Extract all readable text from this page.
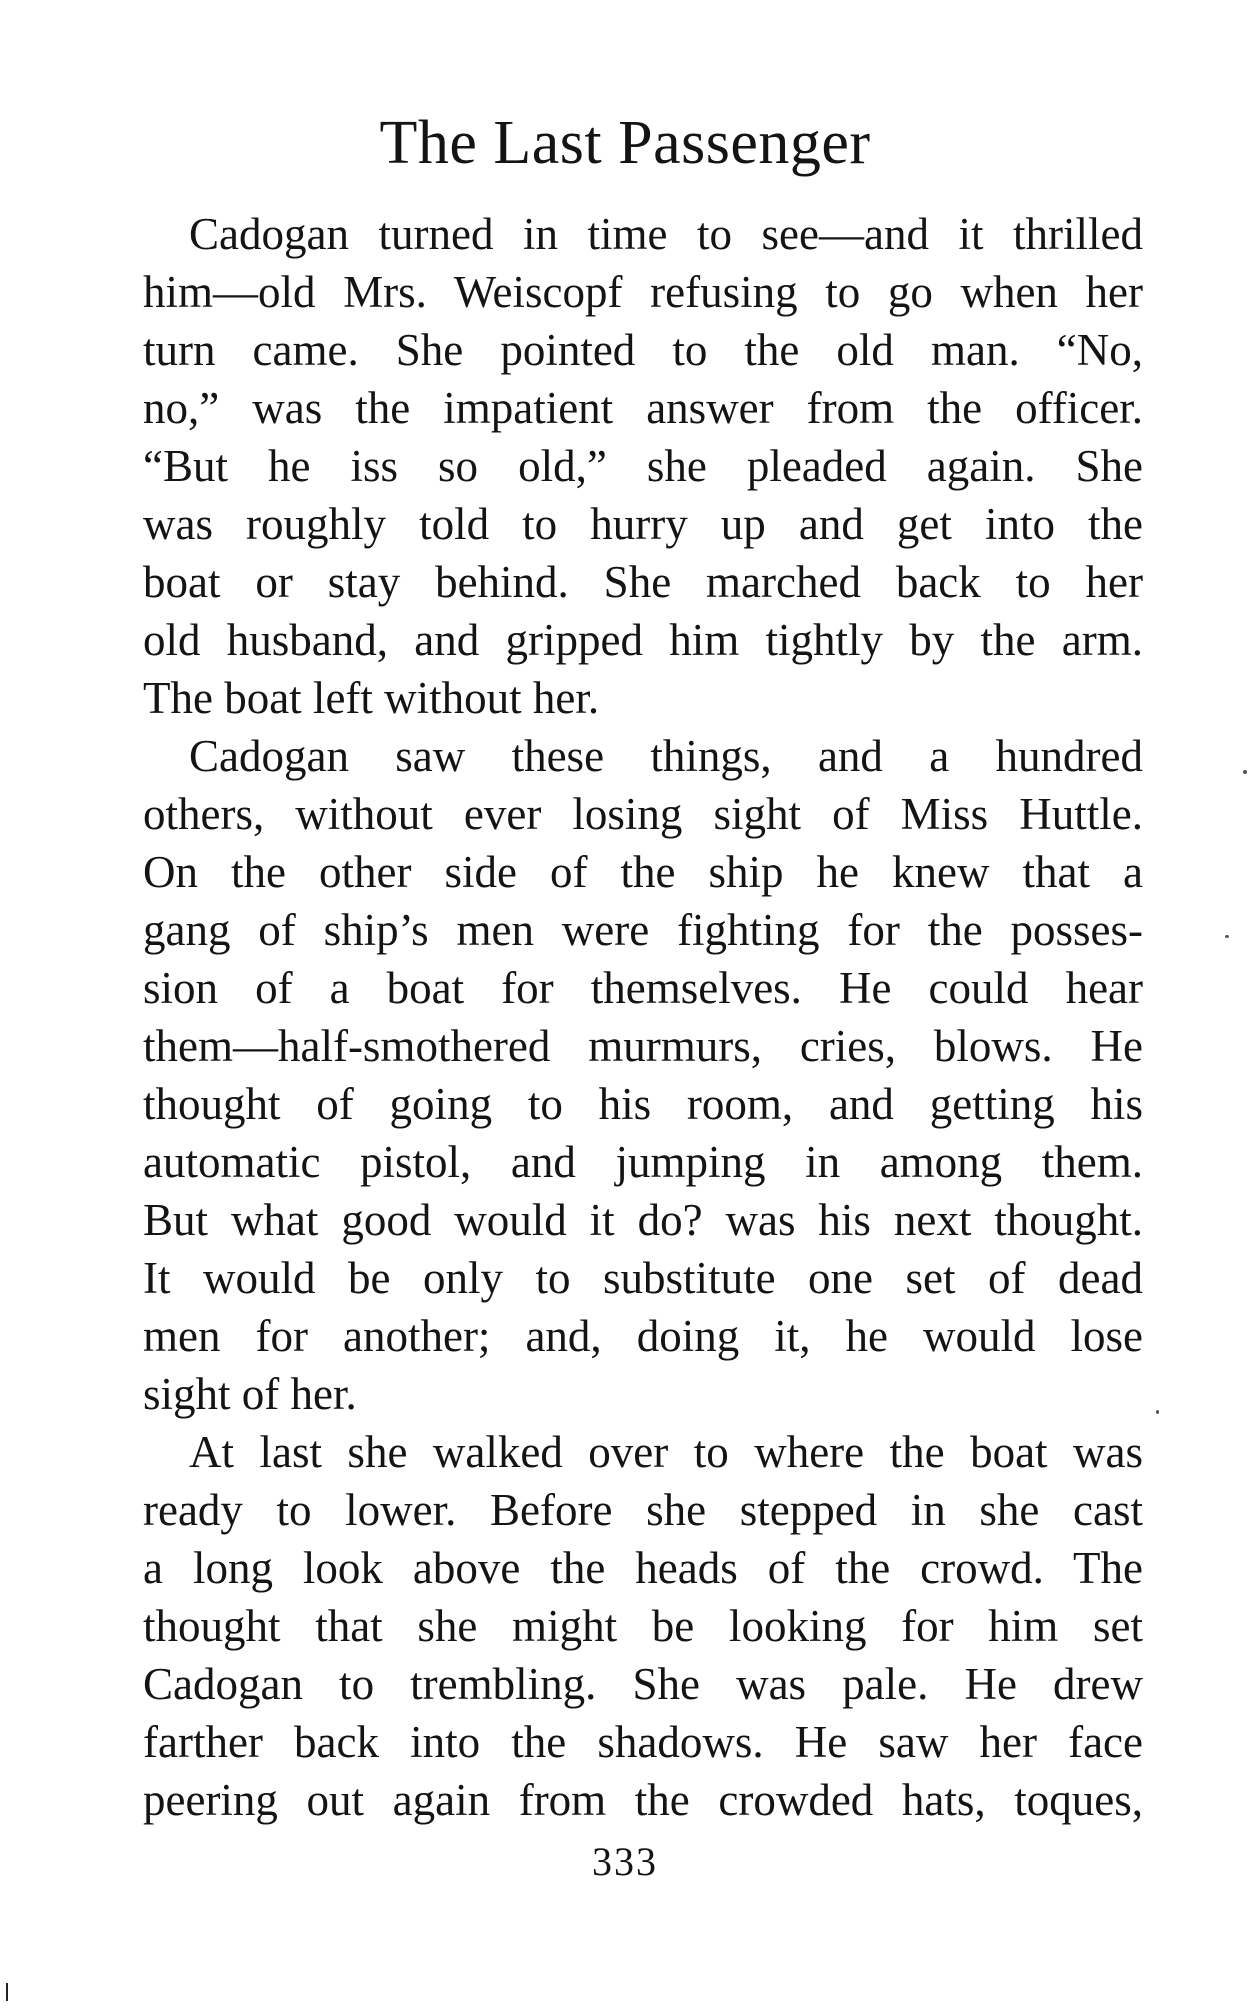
The Last Passenger

Cadogan turned in time to see—and it thrilled
him—old Mrs. Weiscopf refusing to go when her
turn came. She pointed to the old man. “No,
no,” was the impatient answer from the officer.
“But he iss so old,” she pleaded again. She
was roughly told to hurry up and get into the
boat or stay behind. She marched back to her
old husband, and gripped him tightly by the arm.
The boat left without her.

Cadogan saw these things, and a hundred
others, without ever losing sight of Miss Huttle.
On the other side of the ship he knew that a
gang of ship’s men were fighting for the posses-
sion of a boat for themselves. He could hear
them—half-smothered murmurs, cries, blows. He
thought of going to his room, and getting his
automatic pistol, and jumping in among them.
But what good would it do? was his next thought.
It would be only to substitute one set of dead
men for another; and, doing it, he would lose
sight of her.

At last she walked over to where the boat was
ready to lower. Before she stepped in she cast
a long look above the heads of the crowd. The
thought that she might be looking for him set
Cadogan to trembling. She was pale. He drew
farther back into the shadows. He saw her face
peering out again from the crowded hats, toques,

333
